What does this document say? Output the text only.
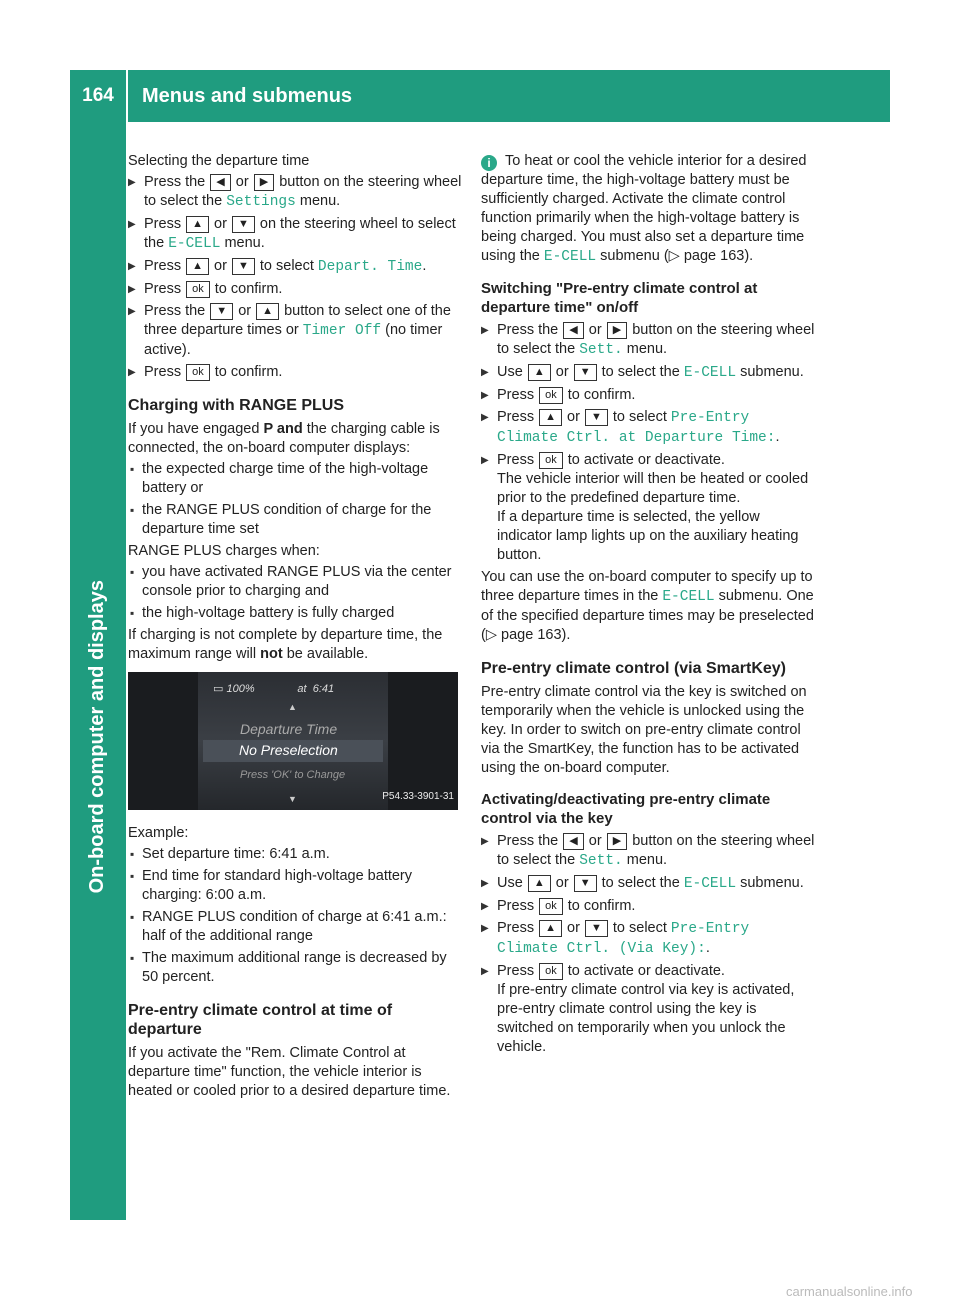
164	Menus and submenus
On-board computer and displays

Selecting the departure time

▶ Press the ◀ or ▶ button on the steering wheel to select the Settings menu.
▶ Press ▲ or ▼ on the steering wheel to select the E-CELL menu.
▶ Press ▲ or ▼ to select Depart. Time.
▶ Press ok to confirm.
▶ Press the ▼ or ▲ button to select one of the three departure times or Timer Off (no timer active).
▶ Press ok to confirm.
Charging with RANGE PLUS

If you have engaged P and the charging cable is connected, the on-board computer displays:

▪ the expected charge time of the high-voltage battery or
▪ the RANGE PLUS condition of charge for the departure time set

RANGE PLUS charges when:

▪ you have activated RANGE PLUS via the center console prior to charging and
▪ the high-voltage battery is fully charged

If charging is not complete by departure time, the maximum range will not be available.

▭ 100%	at 6:41
▲
Departure Time
No Preselection
Press 'OK' to Change
▼	P54.33-3901-31

Example:

▪ Set departure time: 6:41 a.m.
▪ End time for standard high-voltage battery charging: 6:00 a.m.
▪ RANGE PLUS condition of charge at 6:41 a.m.: half of the additional range
▪ The maximum additional range is decreased by 50 percent.
Pre-entry climate control at time of departure

If you activate the "Rem. Climate Control at departure time" function, the vehicle interior is heated or cooled prior to a desired departure time.

i To heat or cool the vehicle interior for a desired departure time, the high-voltage battery must be sufficiently charged. Activate the climate control function primarily when the high-voltage battery is being charged. You must also set a departure time using the E-CELL submenu (▷ page 163).

Switching "Pre-entry climate control at departure time" on/off
▶ Press the ◀ or ▶ button on the steering wheel to select the Sett. menu.
▶ Use ▲ or ▼ to select the E-CELL submenu.
▶ Press ok to confirm.
▶ Press ▲ or ▼ to select Pre-Entry Climate Ctrl. at Departure Time:.
▶ Press ok to activate or deactivate.
The vehicle interior will then be heated or cooled prior to the predefined departure time.
If a departure time is selected, the yellow indicator lamp lights up on the auxiliary heating button.

You can use the on-board computer to specify up to three departure times in the E-CELL submenu. One of the specified departure times may be preselected (▷ page 163).

Pre-entry climate control (via SmartKey)

Pre-entry climate control via the key is switched on temporarily when the vehicle is unlocked using the key. In order to switch on pre-entry climate control via the SmartKey, the function has to be activated using the on-board computer.

Activating/deactivating pre-entry climate control via the key
▶ Press the ◀ or ▶ button on the steering wheel to select the Sett. menu.
▶ Use ▲ or ▼ to select the E-CELL submenu.
▶ Press ok to confirm.
▶ Press ▲ or ▼ to select Pre-Entry Climate Ctrl. (Via Key):.
▶ Press ok to activate or deactivate.
If pre-entry climate control via key is activated, pre-entry climate control using the key is switched on temporarily when you unlock the vehicle.
carmanualsonline.info
